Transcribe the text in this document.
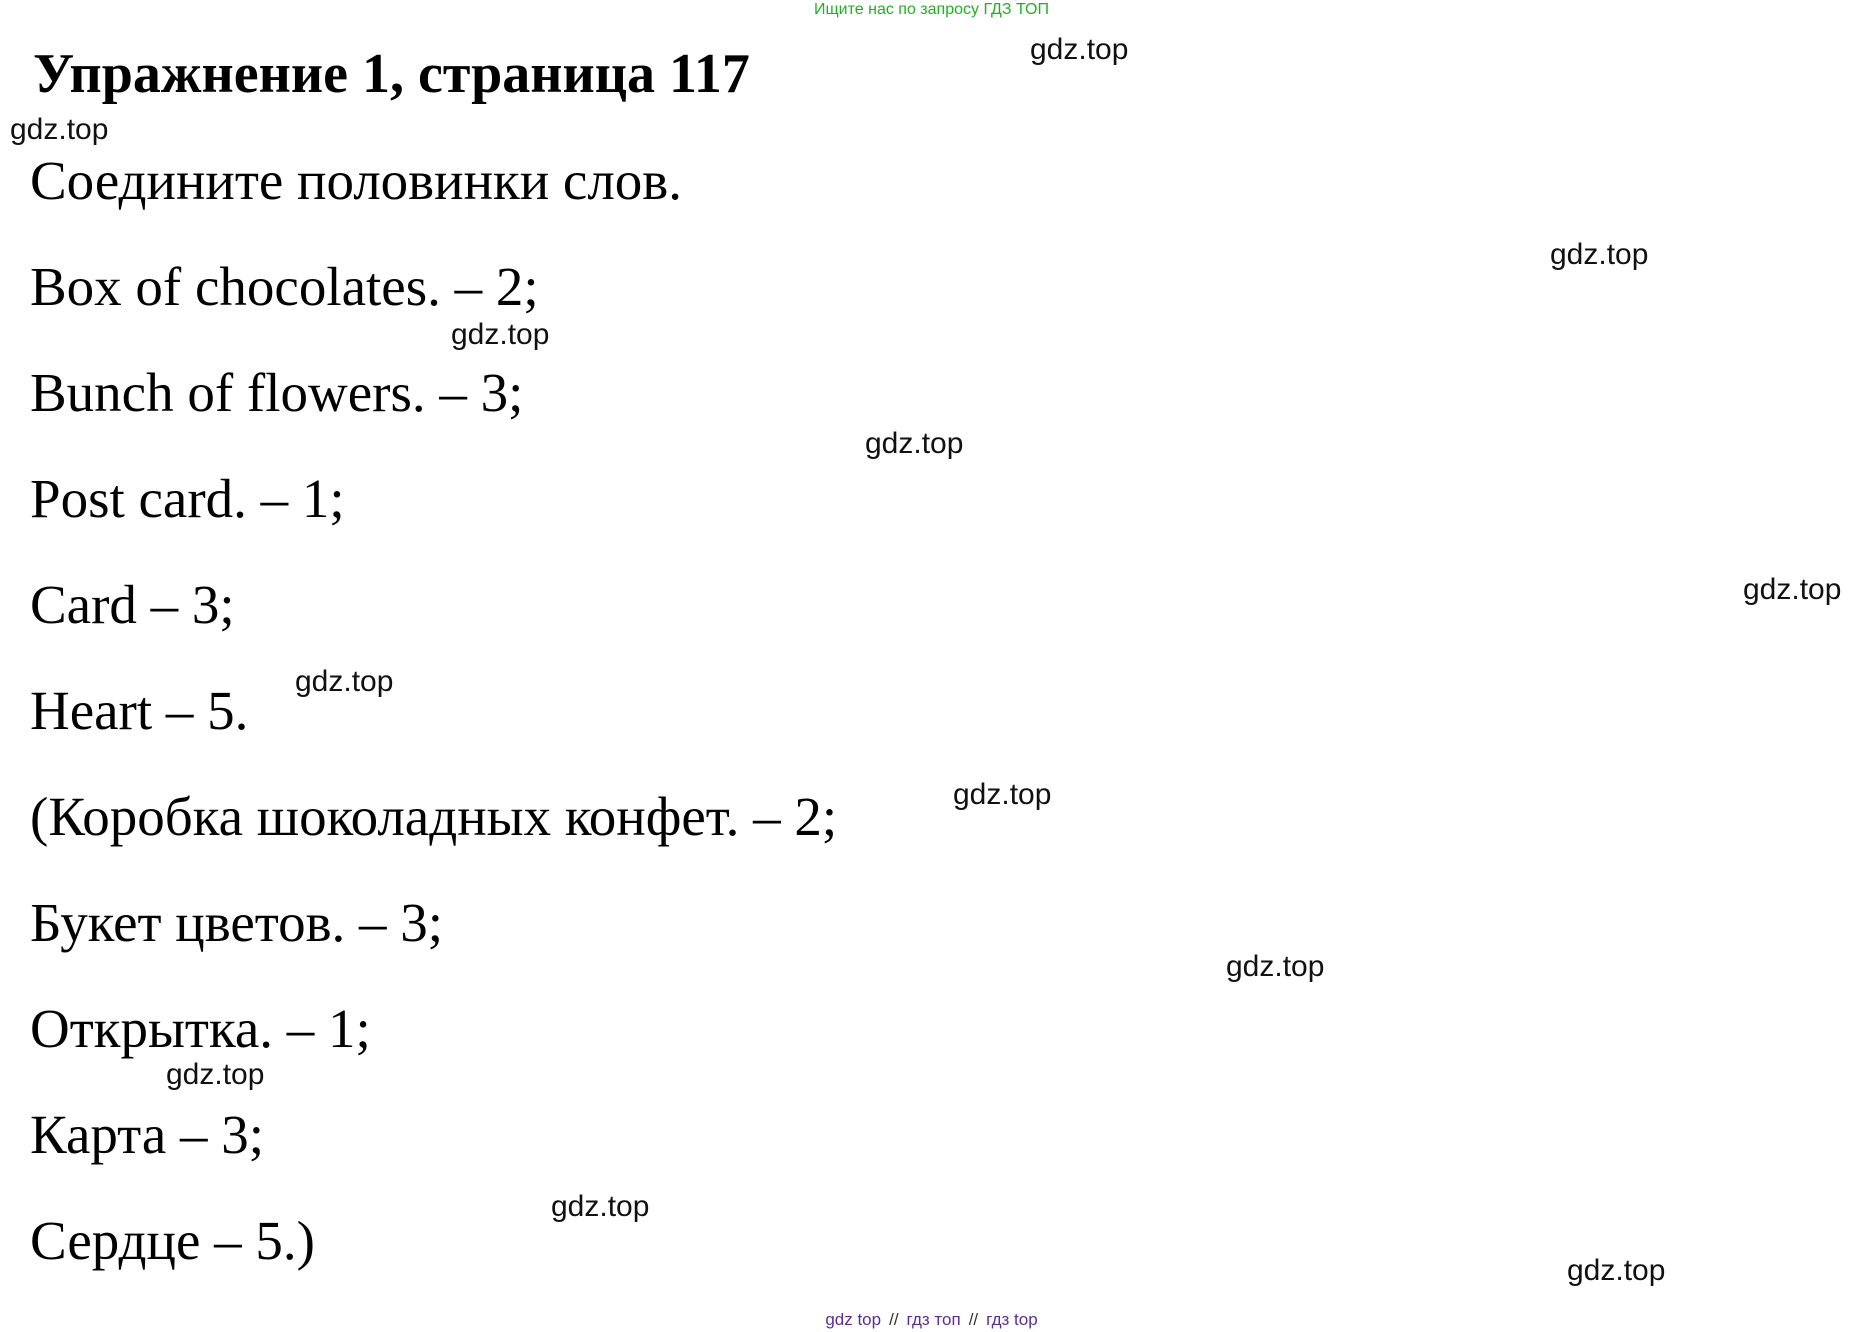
Ищите нас по запросу ГДЗ ТОП
Упражнение 1, страница 117
Соедините половинки слов.
Box of chocolates. – 2;
Bunch of flowers. – 3;
Post card. – 1;
Card – 3;
Heart – 5.
(Коробка шоколадных конфет. – 2;
Букет цветов. – 3;
Открытка. – 1;
Карта – 3;
Сердце – 5.)
gdz.top
gdz.top
gdz.top
gdz.top
gdz.top
gdz.top
gdz.top
gdz.top
gdz.top
gdz.top
gdz.top
gdz.top
gdz top // гдз топ // гдз top
